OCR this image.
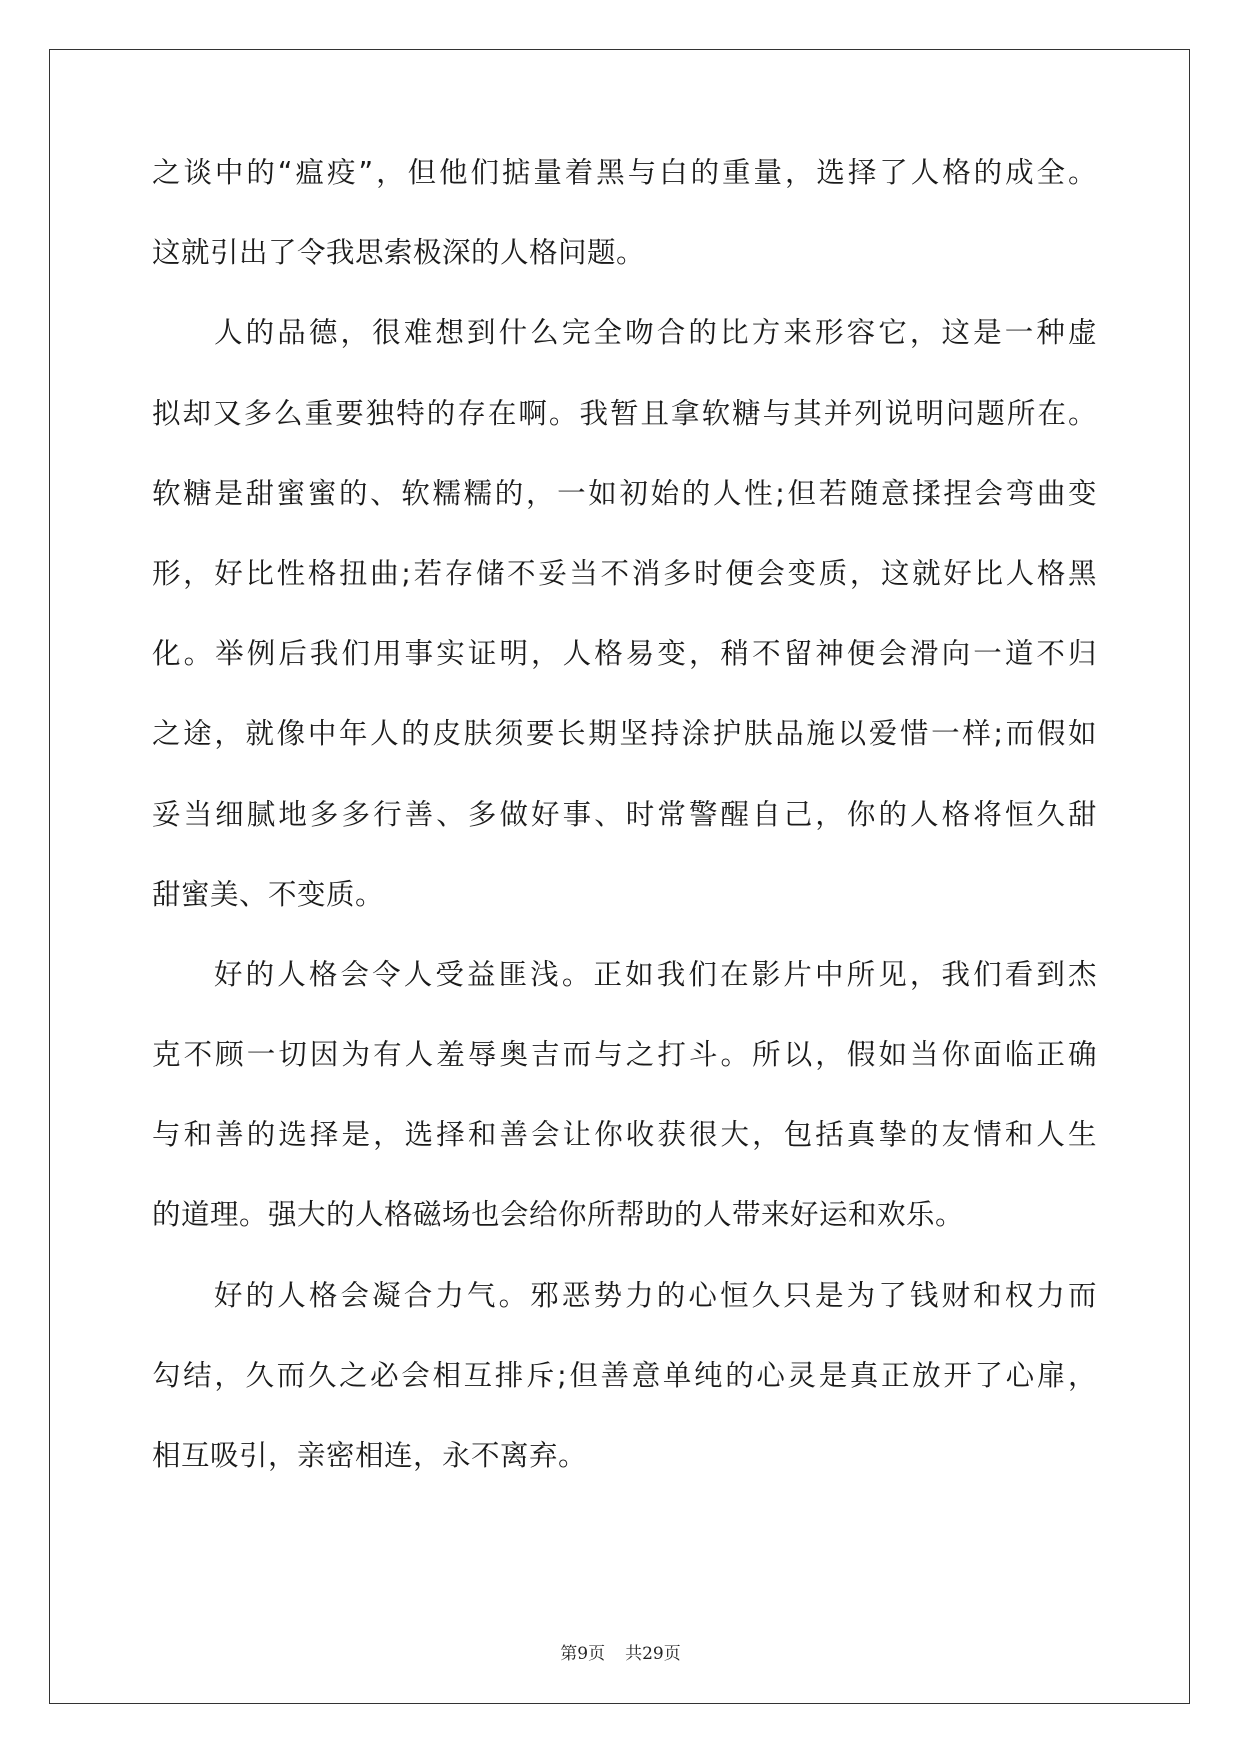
之谈中的“瘟疫”，但他们掂量着黑与白的重量，选择了人格的成全。
这就引出了令我思索极深的人格问题。
人的品德，很难想到什么完全吻合的比方来形容它，这是一种虚
拟却又多么重要独特的存在啊。我暂且拿软糖与其并列说明问题所在。
软糖是甜蜜蜜的、软糯糯的，一如初始的人性;但若随意揉捏会弯曲变
形，好比性格扭曲;若存储不妥当不消多时便会变质，这就好比人格黑
化。举例后我们用事实证明，人格易变，稍不留神便会滑向一道不归
之途，就像中年人的皮肤须要长期坚持涂护肤品施以爱惜一样;而假如
妥当细腻地多多行善、多做好事、时常警醒自己，你的人格将恒久甜
甜蜜美、不变质。
好的人格会令人受益匪浅。正如我们在影片中所见，我们看到杰
克不顾一切因为有人羞辱奥吉而与之打斗。所以，假如当你面临正确
与和善的选择是，选择和善会让你收获很大，包括真挚的友情和人生
的道理。强大的人格磁场也会给你所帮助的人带来好运和欢乐。
好的人格会凝合力气。邪恶势力的心恒久只是为了钱财和权力而
勾结，久而久之必会相互排斥;但善意单纯的心灵是真正放开了心扉，
相互吸引，亲密相连，永不离弃。
第9页 共29页
